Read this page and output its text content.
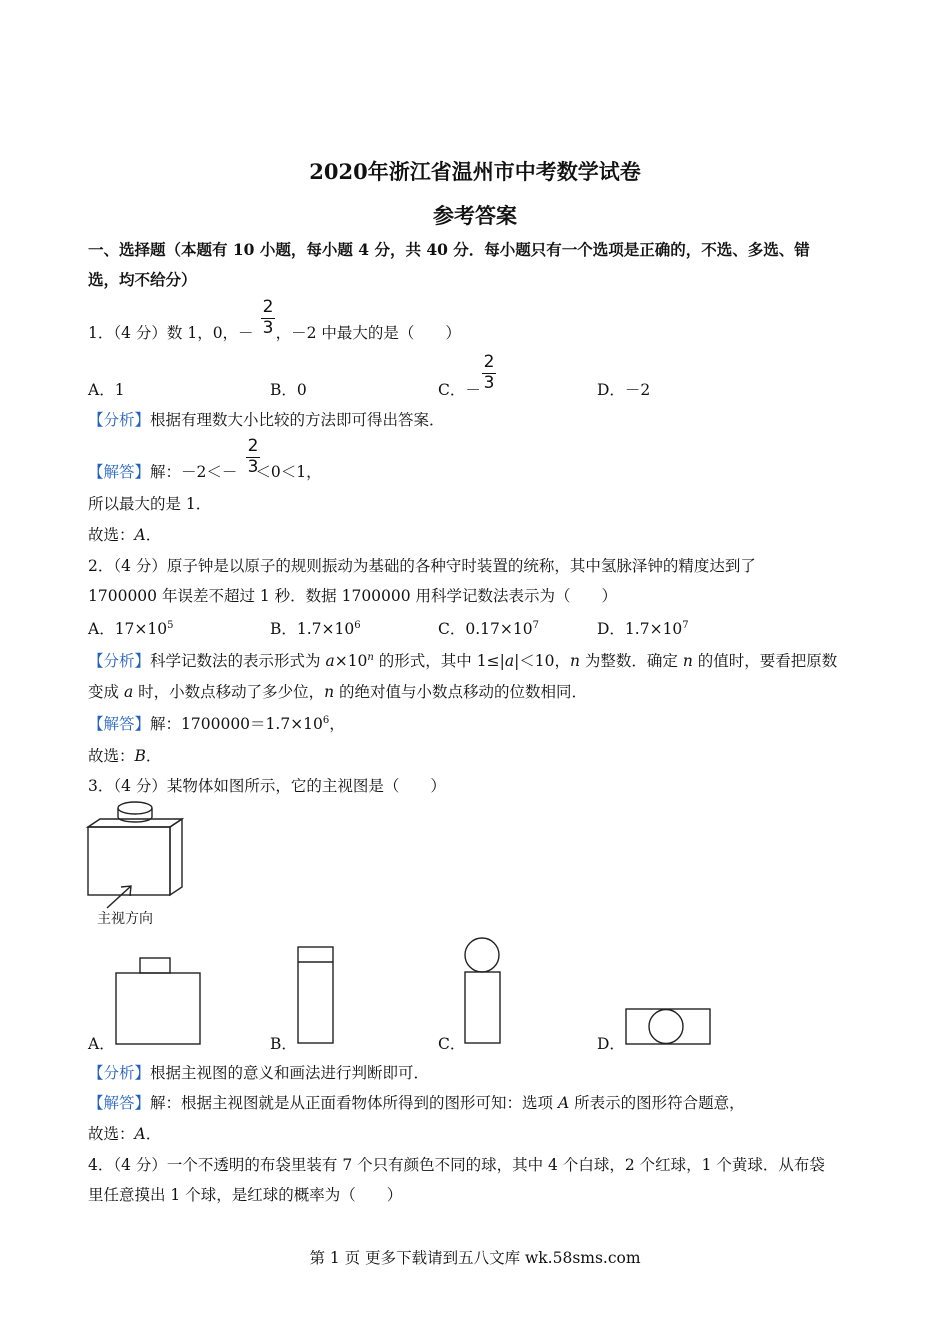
2020年浙江省温州市中考数学试卷
参考答案
一、选择题（本题有 10 小题，每小题 4 分，共 40 分．每小题只有一个选项是正确的，不选、多选、错
选，均不给分）
1．（4 分）数 1，0，－ ，－2 中最大的是（　　）
2
3
A．1	B．0	C．－
2
3	D．－2
【分析】根据有理数大小比较的方法即可得出答案．
【解答】解：－2＜－ ＜0＜1，
2
3
所以最大的是 1．
故选：A．
2．（4 分）原子钟是以原子的规则振动为基础的各种守时装置的统称，其中氢脉泽钟的精度达到了
1700000 年误差不超过 1 秒．数据 1700000 用科学记数法表示为（　　）
A．$17\times 10^5$	B．$1.7\times 10^6$	C．$0.17\times 10^7$	D．$1.7\times 10^7$
【分析】科学记数法的表示形式为 $a\times 10^n$ 的形式，其中 1≤|a|＜10，n 为整数．确定 n 的值时，要看把原数
变成 a 时，小数点移动了多少位，n 的绝对值与小数点移动的位数相同．
【解答】解：$1700000=1.7\times 10^6$，
故选：B．
3．（4 分）某物体如图所示，它的主视图是（　　）
主视方向
A．	B．	C．	D．
【分析】根据主视图的意义和画法进行判断即可．
【解答】解：根据主视图就是从正面看物体所得到的图形可知：选项 A 所表示的图形符合题意，
故选：A．
4．（4 分）一个不透明的布袋里装有 7 个只有颜色不同的球，其中 4 个白球，2 个红球，1 个黄球．从布袋
里任意摸出 1 个球，是红球的概率为（　　）
第 1 页 更多下载请到五八文库 wk.58sms.com
